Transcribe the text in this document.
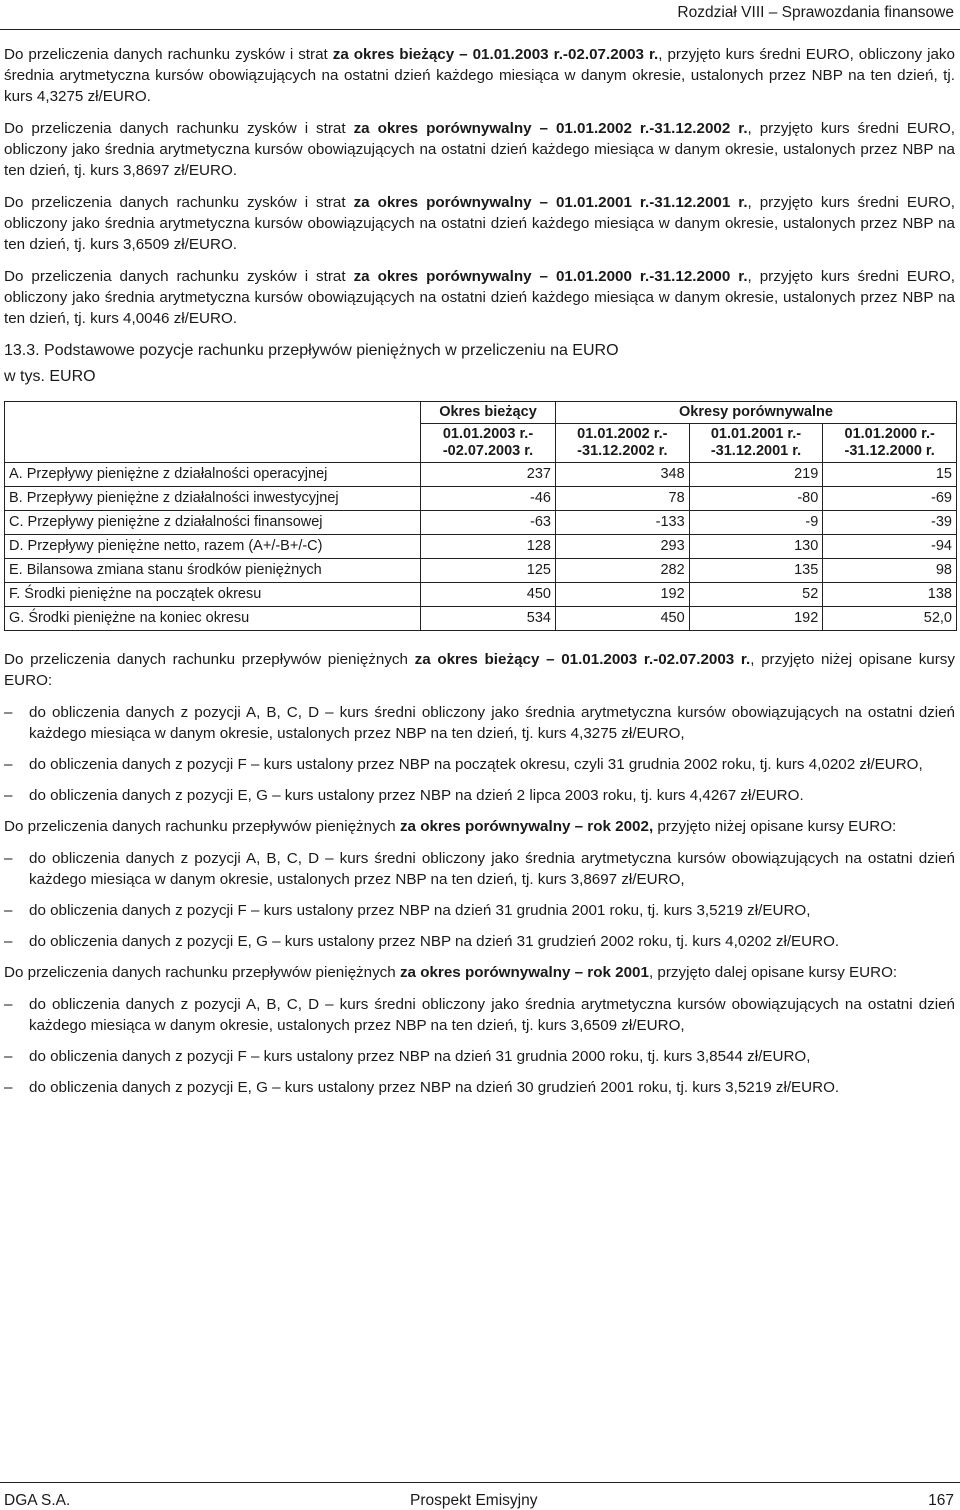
Rozdział VIII – Sprawozdania finansowe

Do przeliczenia danych rachunku zysków i strat za okres bieżący – 01.01.2003 r.-02.07.2003 r., przyjęto kurs średni EURO, obliczony jako średnia arytmetyczna kursów obowiązujących na ostatni dzień każdego miesiąca w danym okresie, ustalonych przez NBP na ten dzień, tj. kurs 4,3275 zł/EURO.

Do przeliczenia danych rachunku zysków i strat za okres porównywalny – 01.01.2002 r.-31.12.2002 r., przyjęto kurs średni EURO, obliczony jako średnia arytmetyczna kursów obowiązujących na ostatni dzień każdego miesiąca w danym okresie, ustalonych przez NBP na ten dzień, tj. kurs 3,8697 zł/EURO.

Do przeliczenia danych rachunku zysków i strat za okres porównywalny – 01.01.2001 r.-31.12.2001 r., przyjęto kurs średni EURO, obliczony jako średnia arytmetyczna kursów obowiązujących na ostatni dzień każdego miesiąca w danym okresie, ustalonych przez NBP na ten dzień, tj. kurs 3,6509 zł/EURO.

Do przeliczenia danych rachunku zysków i strat za okres porównywalny – 01.01.2000 r.-31.12.2000 r., przyjęto kurs średni EURO, obliczony jako średnia arytmetyczna kursów obowiązujących na ostatni dzień każdego miesiąca w danym okresie, ustalonych przez NBP na ten dzień, tj. kurs 4,0046 zł/EURO.

13.3. Podstawowe pozycje rachunku przepływów pieniężnych w przeliczeniu na EURO
w tys. EURO
	Okres bieżący	Okresy porównywalne		
	01.01.2003 r.- -02.07.2003 r.	01.01.2002 r.- -31.12.2002 r.	01.01.2001 r.- -31.12.2001 r.	01.01.2000 r.- -31.12.2000 r.
A. Przepływy pieniężne z działalności operacyjnej	237	348	219	15
B. Przepływy pieniężne z działalności inwestycyjnej	-46	78	-80	-69
C. Przepływy pieniężne z działalności finansowej	-63	-133	-9	-39
D. Przepływy pieniężne netto, razem (A+/-B+/-C)	128	293	130	-94
E. Bilansowa zmiana stanu środków pieniężnych	125	282	135	98
F. Środki pieniężne na początek okresu	450	192	52	138
G. Środki pieniężne na koniec okresu	534	450	192	52,0

Do przeliczenia danych rachunku przepływów pieniężnych za okres bieżący – 01.01.2003 r.-02.07.2003 r., przyjęto niżej opisane kursy EURO:

– do obliczenia danych z pozycji A, B, C, D – kurs średni obliczony jako średnia arytmetyczna kursów obowiązujących na ostatni dzień każdego miesiąca w danym okresie, ustalonych przez NBP na ten dzień, tj. kurs 4,3275 zł/EURO,
– do obliczenia danych z pozycji F – kurs ustalony przez NBP na początek okresu, czyli 31 grudnia 2002 roku, tj. kurs 4,0202 zł/EURO,
– do obliczenia danych z pozycji E, G – kurs ustalony przez NBP na dzień 2 lipca 2003 roku, tj. kurs 4,4267 zł/EURO.

Do przeliczenia danych rachunku przepływów pieniężnych za okres porównywalny – rok 2002, przyjęto niżej opisane kursy EURO:

– do obliczenia danych z pozycji A, B, C, D – kurs średni obliczony jako średnia arytmetyczna kursów obowiązujących na ostatni dzień każdego miesiąca w danym okresie, ustalonych przez NBP na ten dzień, tj. kurs 3,8697 zł/EURO,
– do obliczenia danych z pozycji F – kurs ustalony przez NBP na dzień 31 grudnia 2001 roku, tj. kurs 3,5219 zł/EURO,
– do obliczenia danych z pozycji E, G – kurs ustalony przez NBP na dzień 31 grudzień 2002 roku, tj. kurs 4,0202 zł/EURO.

Do przeliczenia danych rachunku przepływów pieniężnych za okres porównywalny – rok 2001, przyjęto dalej opisane kursy EURO:

– do obliczenia danych z pozycji A, B, C, D – kurs średni obliczony jako średnia arytmetyczna kursów obowiązujących na ostatni dzień każdego miesiąca w danym okresie, ustalonych przez NBP na ten dzień, tj. kurs 3,6509 zł/EURO,
– do obliczenia danych z pozycji F – kurs ustalony przez NBP na dzień 31 grudnia 2000 roku, tj. kurs 3,8544 zł/EURO,
– do obliczenia danych z pozycji E, G – kurs ustalony przez NBP na dzień 30 grudzień 2001 roku, tj. kurs 3,5219 zł/EURO.
DGA S.A.	Prospekt Emisyjny	167
